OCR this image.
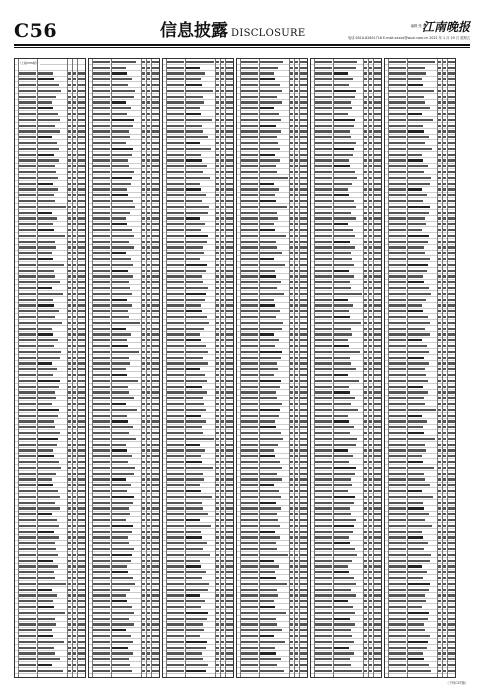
C56	信息披露 DISCLOSURE
编辑 张 家
江南晚报
电话:0510-82651716 E-mail:xxxxx@wuxi.com.cn 2021 年 1 月 29 日 星期五
（上接C55版）
（下转C57版）
